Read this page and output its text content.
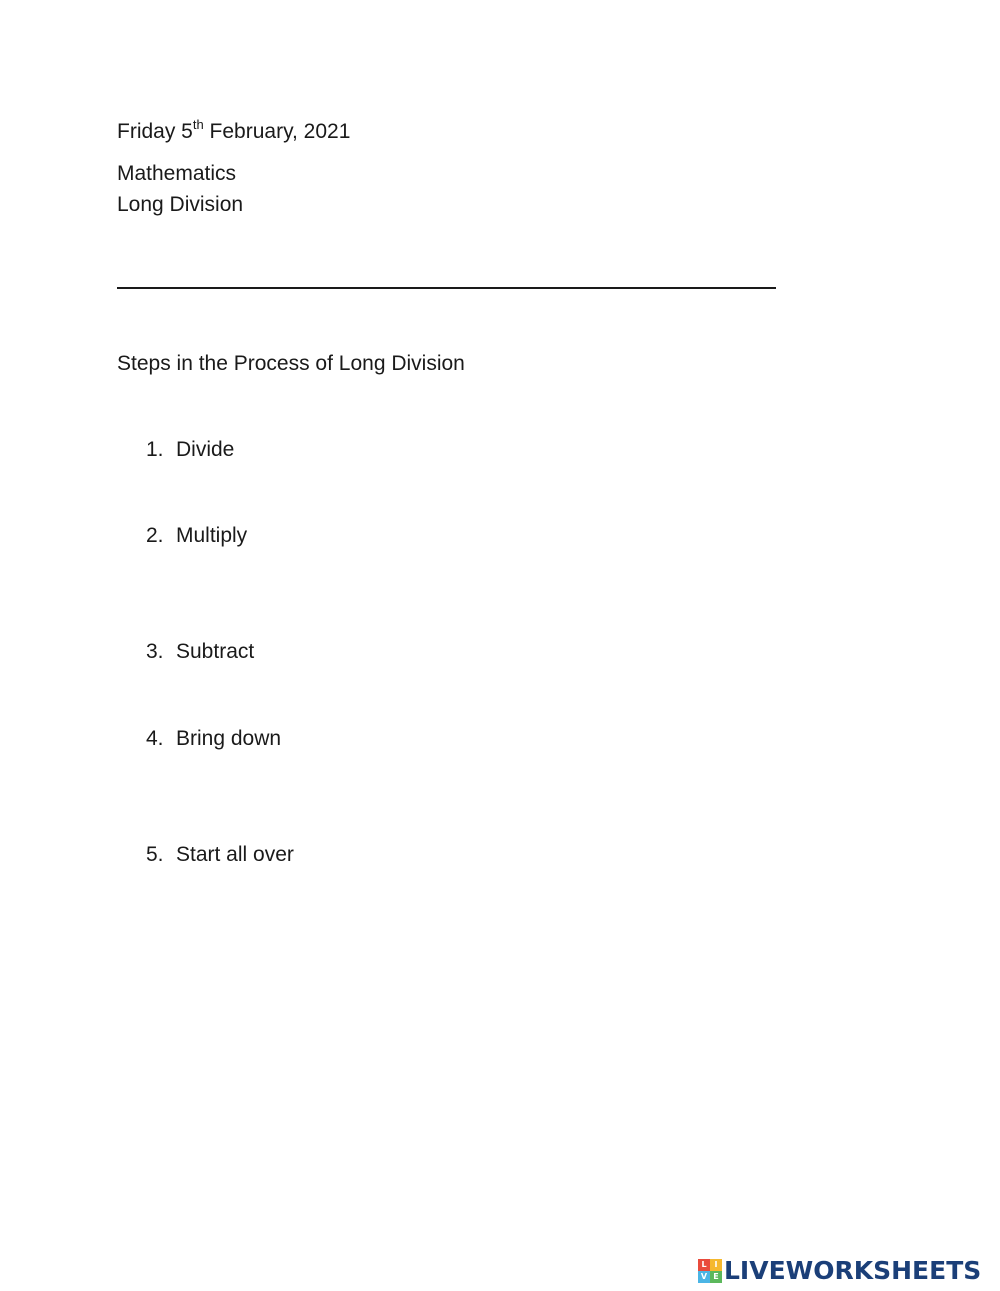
Friday 5th February, 2021
Mathematics
Long Division
Steps in the Process of Long Division
1. Divide
2. Multiply
3. Subtract
4. Bring down
5. Start all over
L I
V E LIVEWORKSHEETS
